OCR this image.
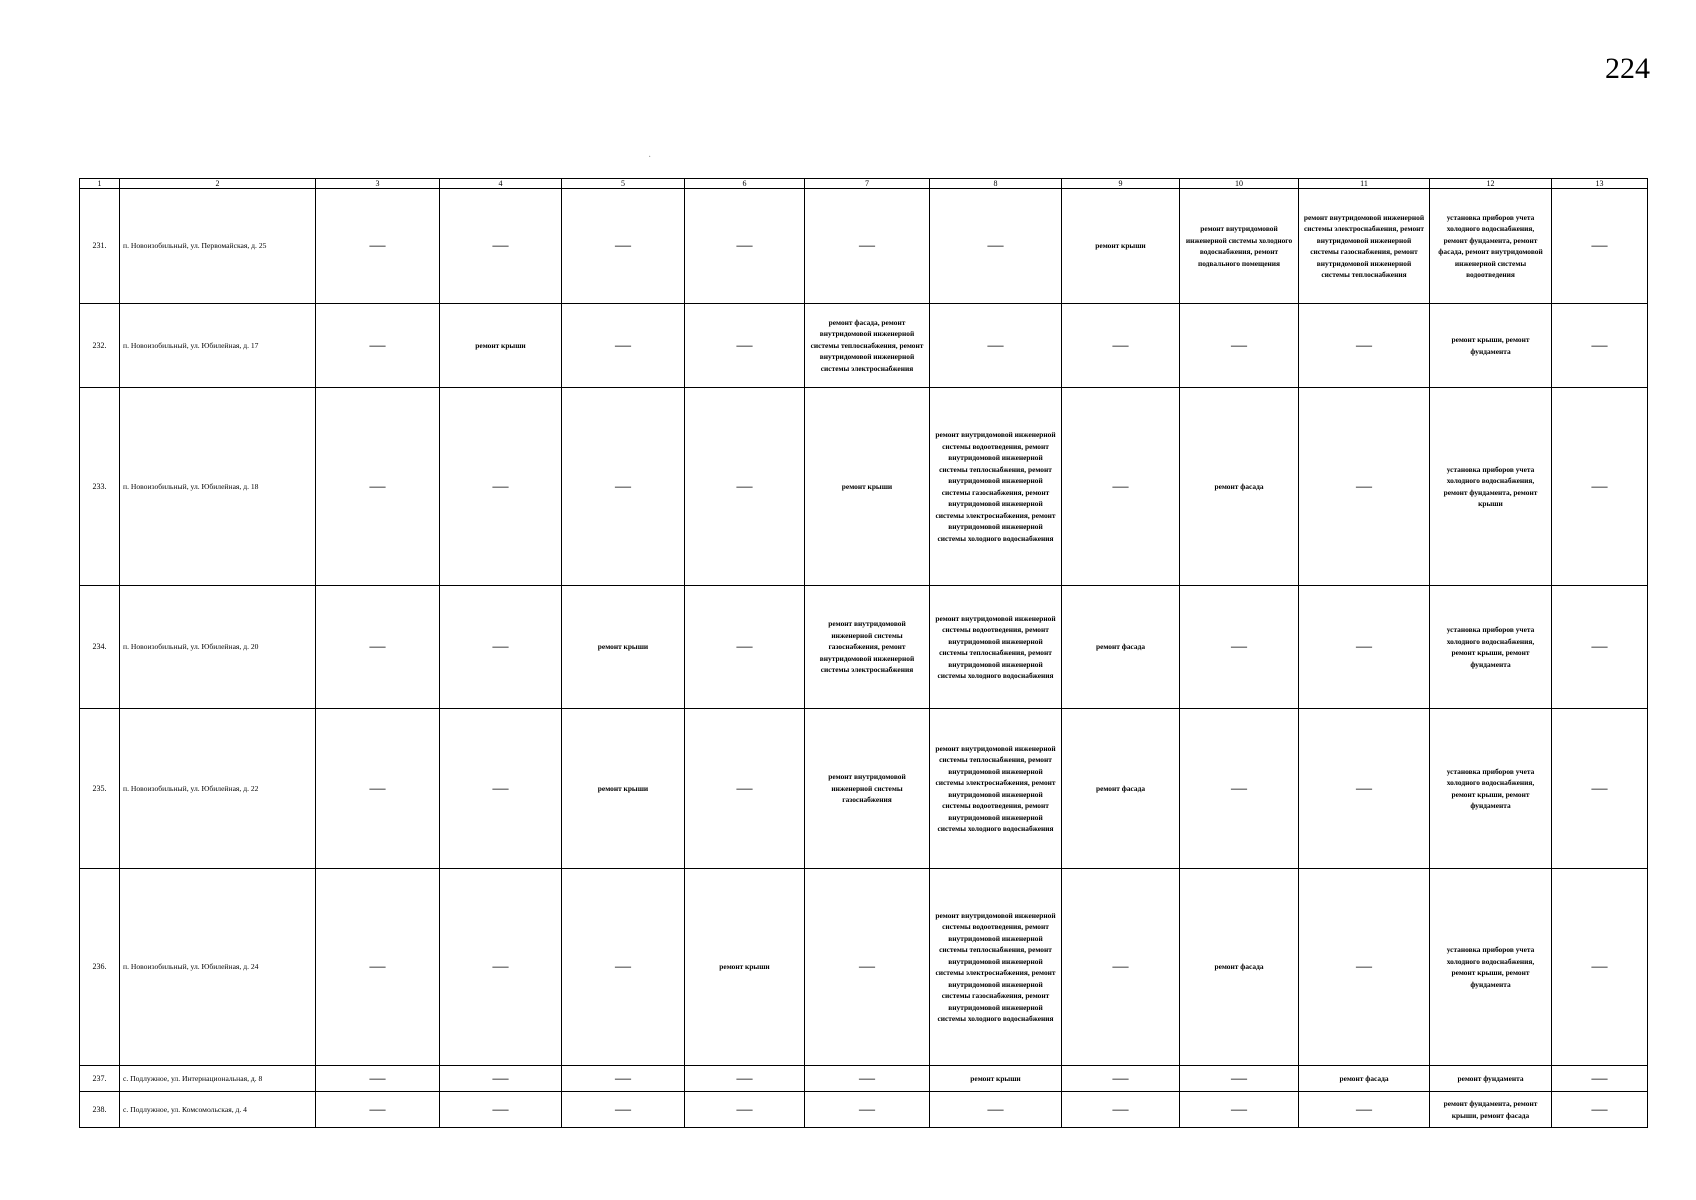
224
·
1	2	3	4	5	6	7	8	9	10	11	12	13
231.	п. Новоизобильный, ул. Первомайская, д. 25	—	—	—	—	—	—	ремонт крыши	ремонт внутридомовой инженерной системы холодного водоснабжения, ремонт подвального помещения	ремонт внутридомовой инженерной системы электроснабжения, ремонт внутридомовой инженерной системы газоснабжения, ремонт внутридомовой инженерной системы теплоснабжения	установка приборов учета холодного водоснабжения, ремонт фундамента, ремонт фасада, ремонт внутридомовой инженерной системы водоотведения	—
232.	п. Новоизобильный, ул. Юбилейная, д. 17	—	ремонт крыши	—	—	ремонт фасада, ремонт внутридомовой инженерной системы теплоснабжения, ремонт внутридомовой инженерной системы электроснабжения	—	—	—	—	ремонт крыши, ремонт фундамента	—
233.	п. Новоизобильный, ул. Юбилейная, д. 18	—	—	—	—	ремонт крыши	ремонт внутридомовой инженерной системы водоотведения, ремонт внутридомовой инженерной системы теплоснабжения, ремонт внутридомовой инженерной системы газоснабжения, ремонт внутридомовой инженерной системы электроснабжения, ремонт внутридомовой инженерной системы холодного водоснабжения	—	ремонт фасада	—	установка приборов учета холодного водоснабжения, ремонт фундамента, ремонт крыши	—
234.	п. Новоизобильный, ул. Юбилейная, д. 20	—	—	ремонт крыши	—	ремонт внутридомовой инженерной системы газоснабжения, ремонт внутридомовой инженерной системы электроснабжения	ремонт внутридомовой инженерной системы водоотведения, ремонт внутридомовой инженерной системы теплоснабжения, ремонт внутридомовой инженерной системы холодного водоснабжения	ремонт фасада	—	—	установка приборов учета холодного водоснабжения, ремонт крыши, ремонт фундамента	—
235.	п. Новоизобильный, ул. Юбилейная, д. 22	—	—	ремонт крыши	—	ремонт внутридомовой инженерной системы газоснабжения	ремонт внутридомовой инженерной системы теплоснабжения, ремонт внутридомовой инженерной системы электроснабжения, ремонт внутридомовой инженерной системы водоотведения, ремонт внутридомовой инженерной системы холодного водоснабжения	ремонт фасада	—	—	установка приборов учета холодного водоснабжения, ремонт крыши, ремонт фундамента	—
236.	п. Новоизобильный, ул. Юбилейная, д. 24	—	—	—	ремонт крыши	—	ремонт внутридомовой инженерной системы водоотведения, ремонт внутридомовой инженерной системы теплоснабжения, ремонт внутридомовой инженерной системы электроснабжения, ремонт внутридомовой инженерной системы газоснабжения, ремонт внутридомовой инженерной системы холодного водоснабжения	—	ремонт фасада	—	установка приборов учета холодного водоснабжения, ремонт крыши, ремонт фундамента	—
237.	с. Подлужное, ул. Интернациональная, д. 8	—	—	—	—	—	ремонт крыши	—	—	ремонт фасада	ремонт фундамента	—
238.	с. Подлужное, ул. Комсомольская, д. 4	—	—	—	—	—	—	—	—	—	ремонт фундамента, ремонт крыши, ремонт фасада	—
